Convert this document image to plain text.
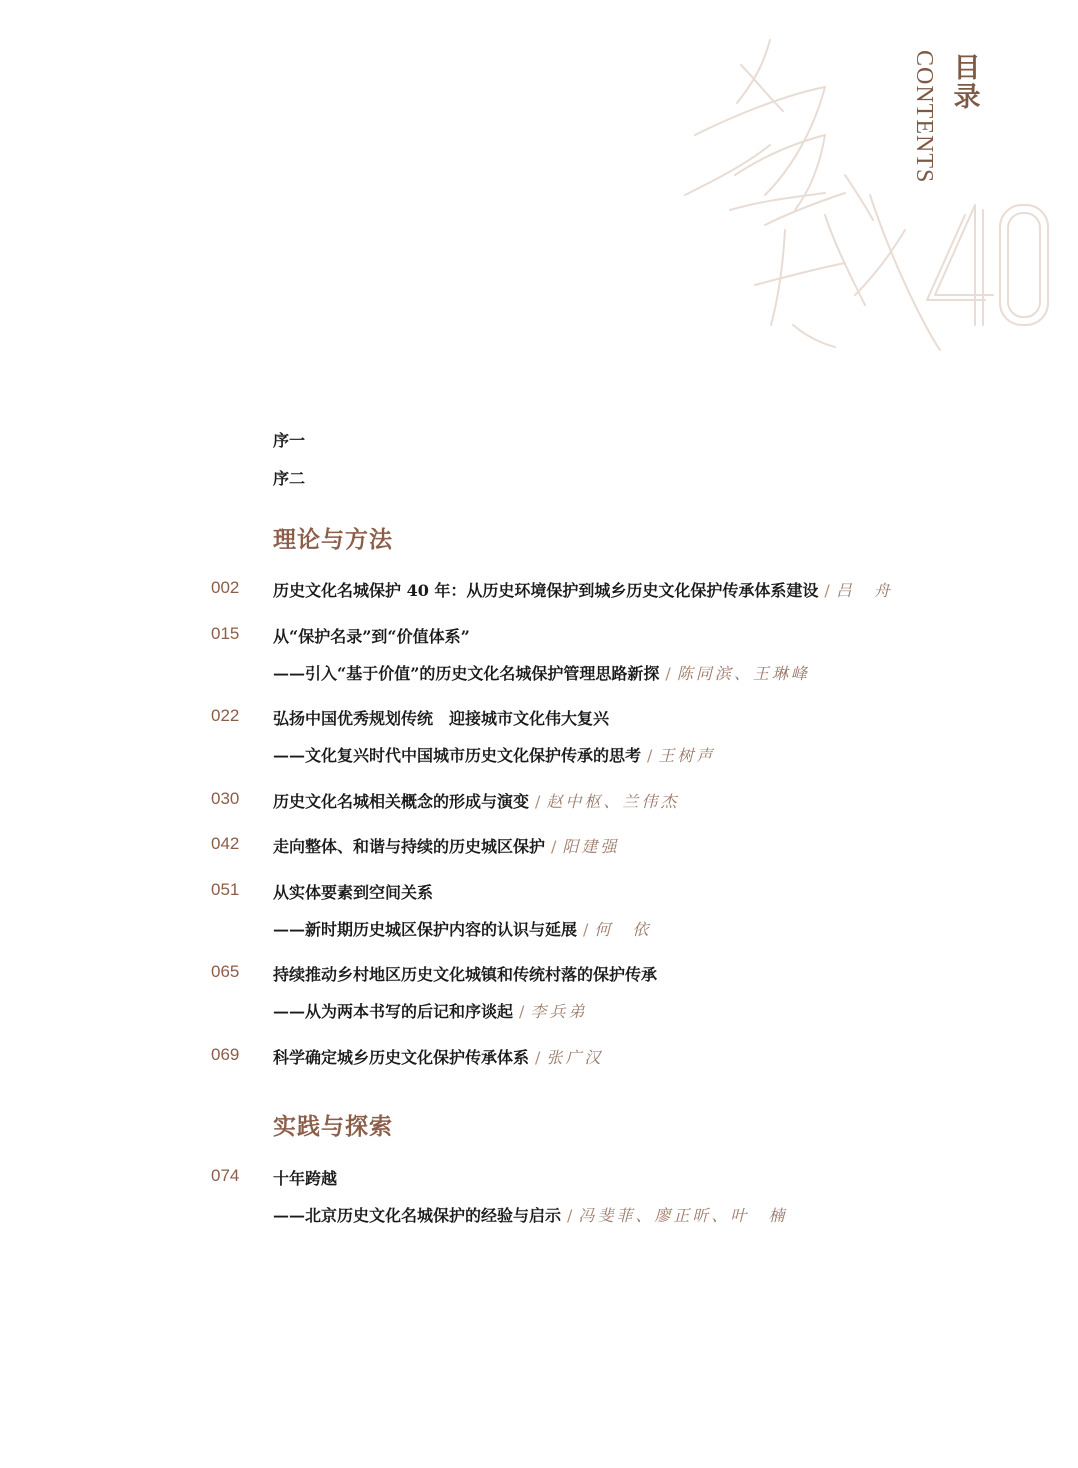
目
录
CONTENTS
序一
序二
理论与方法
002 历史文化名城保护 40 年：从历史环境保护到城乡历史文化保护传承体系建设 / 吕　舟
015 从“保护名录”到“价值体系”
——引入“基于价值”的历史文化名城保护管理思路新探 / 陈同滨、王琳峰
022 弘扬中国优秀规划传统　迎接城市文化伟大复兴
——文化复兴时代中国城市历史文化保护传承的思考 / 王树声
030 历史文化名城相关概念的形成与演变 / 赵中枢、兰伟杰
042 走向整体、和谐与持续的历史城区保护 / 阳建强
051 从实体要素到空间关系
——新时期历史城区保护内容的认识与延展 / 何　依
065 持续推动乡村地区历史文化城镇和传统村落的保护传承
——从为两本书写的后记和序谈起 / 李兵弟
069 科学确定城乡历史文化保护传承体系 / 张广汉
实践与探索
074 十年跨越
——北京历史文化名城保护的经验与启示 / 冯斐菲、廖正昕、叶　楠
